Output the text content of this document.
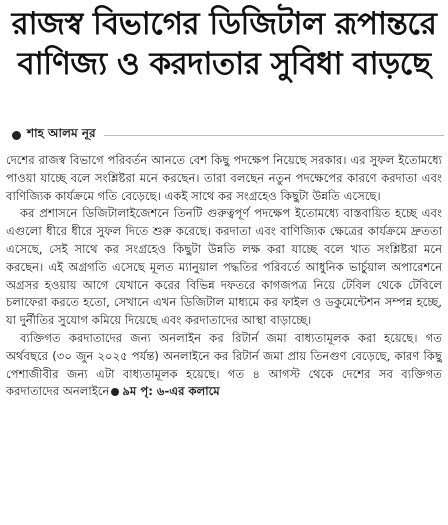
রাজস্ব বিভাগের ডিজিটাল রূপান্তরে
বাণিজ্য ও করদাতার সুবিধা বাড়ছে
শাহ আলম নূর

দেশের রাজস্ব বিভাগে পরিবর্তন আনতে বেশ কিছু পদক্ষেপ নিয়েছে সরকার। এর সুফল ইতোমধ্যে পাওয়া যাচ্ছে বলে সংশ্লিষ্টরা মনে করছেন। তারা বলছেন নতুন পদক্ষেপের কারণে করদাতা এবং বাণিজ্যিক কার্যক্রমে গতি বেড়েছে। একই সাথে কর সংগ্রহেও কিছুটা উন্নতি এসেছে।

কর প্রশাসনে ডিজিটালাইজেশনে তিনটি গুরুত্বপূর্ণ পদক্ষেপ ইতোমধ্যে বাস্তবায়িত হচ্ছে এবং এগুলো ধীরে ধীরে সুফল দিতে শুরু করেছে। করদাতা এবং বাণিজ্যিক ক্ষেত্রের কার্যক্রমে দ্রুততা এসেছে, সেই সাথে কর সংগ্রহেও কিছুটা উন্নতি লক্ষ করা যাচ্ছে বলে খাত সংশ্লিষ্টরা মনে করছেন। এই অগ্রগতি এসেছে মূলত ম্যানুয়াল পদ্ধতির পরিবর্তে আধুনিক ভার্চুয়াল অপারেশনে অগ্রসর হওয়ায় আগে যেখানে করের বিভিন্ন দফতরে কাগজপত্র নিয়ে টেবিল থেকে টেবিলে চলাফেরা করতে হতো, সেখানে এখন ডিজিটাল মাধ্যমে কর ফাইল ও ডকুমেন্টেশন সম্পন্ন হচ্ছে, যা দুর্নীতির সুযোগ কমিয়ে দিয়েছে এবং করদাতাদের আস্থা বাড়াচ্ছে।

ব্যক্তিগত করদাতাদের জন্য অনলাইন কর রিটার্ন জমা বাধ্যতামূলক করা হয়েছে। গত অর্থবছরে (৩০ জুন ২০২৫ পর্যন্ত) অনলাইনে কর রিটার্ন জমা প্রায় তিনগুণ বেড়েছে, কারণ কিছু পেশাজীবীর জন্য এটা বাধ্যতামূলক হয়েছে। গত ৪ আগস্ট থেকে দেশের সব ব্যক্তিগত করদাতাদের অনলাইনে ৯ম পৃ: ৬-এর কলামে
